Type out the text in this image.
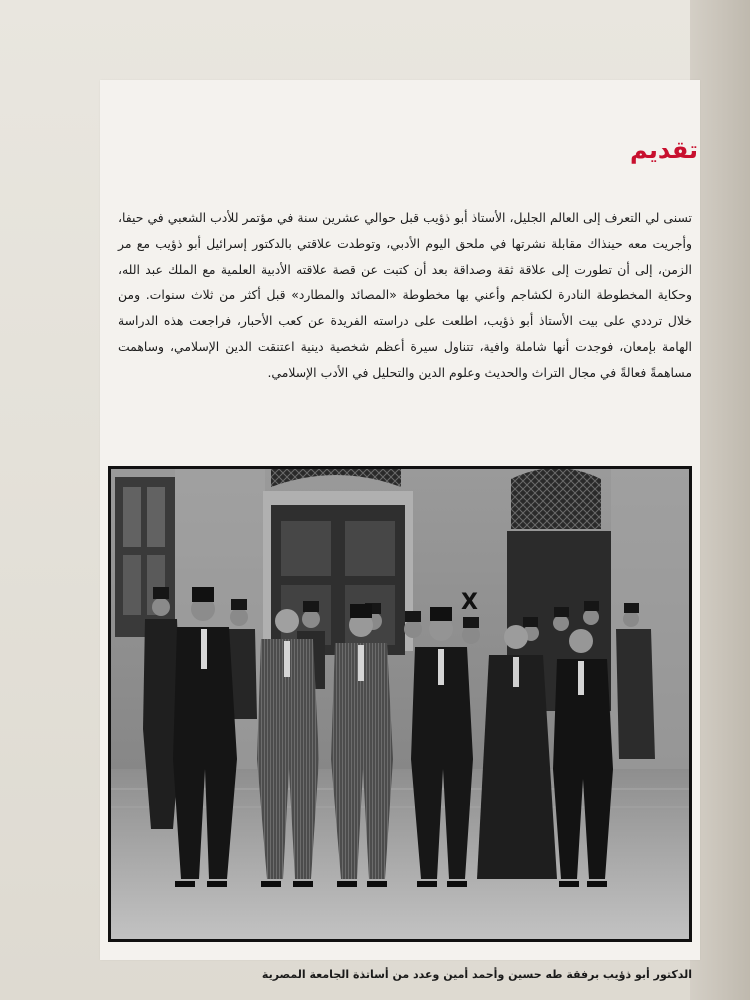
تقديم

تسنى لي التعرف إلى العالم الجليل، الأستاذ أبو ذؤيب قبل حوالي عشرين سنة في مؤتمر للأدب الشعبي في حيفا، وأجريت معه حينذاك مقابلة نشرتها في ملحق اليوم الأدبي، وتوطدت علاقتي بالدكتور إسرائيل أبو ذؤيب مع مر الزمن، إلى أن تطورت إلى علاقة ثقة وصداقة بعد أن كتبت عن قصة علاقته الأدبية العلمية مع الملك عبد الله، وحكاية المخطوطة النادرة لكشاجم وأعني بها مخطوطة «المصائد والمطارد» قبل أكثر من ثلاث سنوات. ومن خلال ترددي على بيت الأستاذ أبو ذؤيب، اطلعت على دراسته الفريدة عن كعب الأحبار، فراجعت هذه الدراسة الهامة بإمعان، فوجدت أنها شاملة وافية، تتناول سيرة أعظم شخصية دينية اعتنقت الدين الإسلامي، وساهمت مساهمةً فعالةً في مجال التراث والحديث وعلوم الدين والتحليل في الأدب الإسلامي.

X

الدكتور أبو ذؤيب برفقة طه حسين وأحمد أمين وعدد من أساتذة الجامعة المصرية
